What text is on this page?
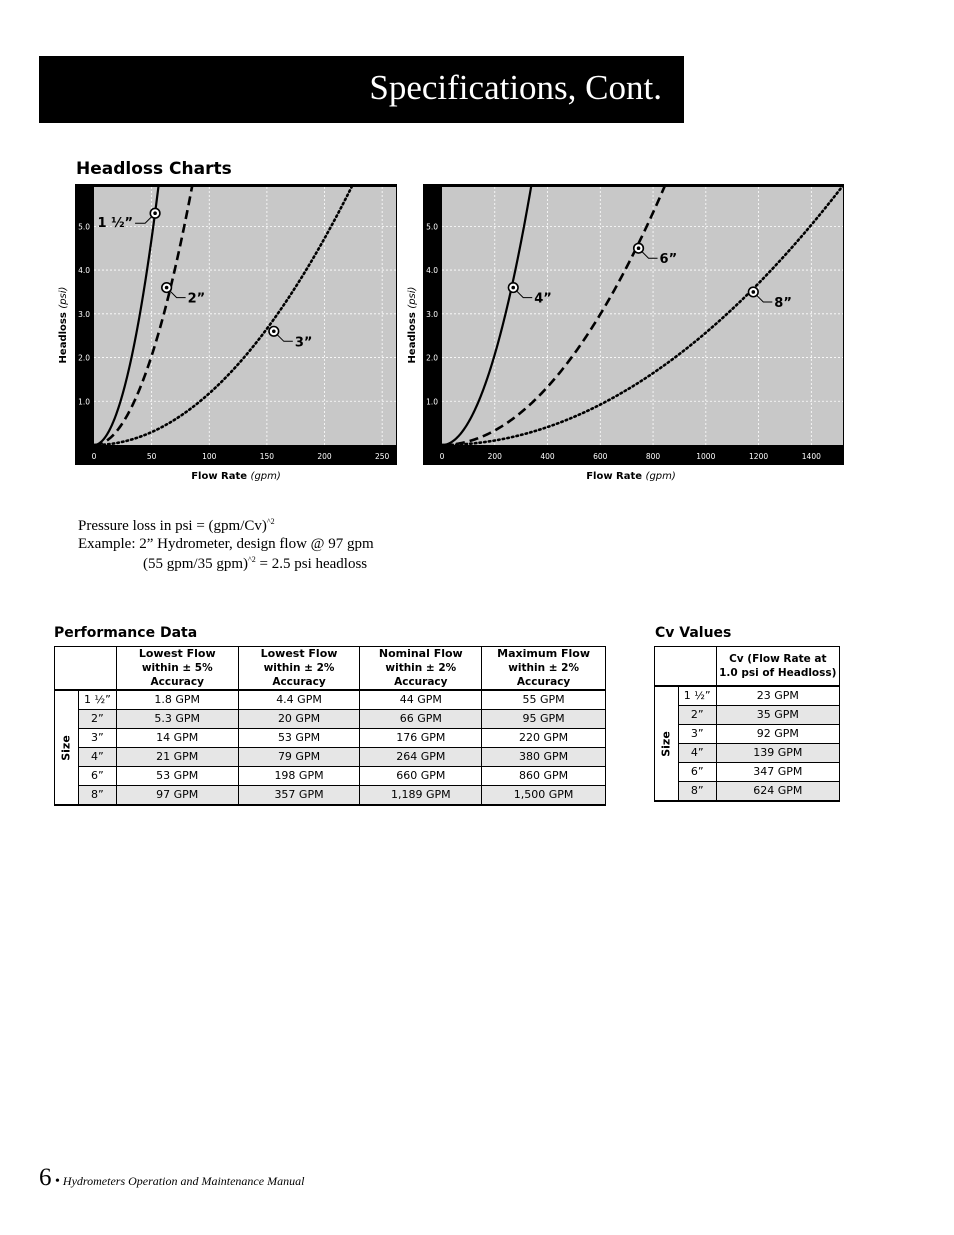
Specifications, Cont.
Headloss Charts
1.0
2.0
3.0
4.0
5.0
0	50	100	150	200	250
Headloss (psi)
Flow Rate (gpm)
1 ½”
2”
3”
1.0
2.0
3.0
4.0
5.0
0	200	400	600	800	1000	1200	1400
Headloss (psi)
Flow Rate (gpm)
4”
6”
8”
Pressure loss in psi = $(gpm/Cv)^{\^{}2}$
Example: 2” Hydrometer, design flow @ 97 gpm
(55 gpm/35 gpm)$^{\^{}2}$ = 2.5 psi headloss
Performance Data

		Lowest Flow
within ± 5% Accuracy	Lowest Flow
within ± 2% Accuracy	Nominal Flow
within ± 2% Accuracy	Maximum Flow
within ± 2% Accuracy

Size	1 ½”	1.8 GPM	4.4 GPM	44 GPM	55 GPM
	2”	5.3 GPM	20 GPM	66 GPM	95 GPM
	3”	14 GPM	53 GPM	176 GPM	220 GPM
	4”	21 GPM	79 GPM	264 GPM	380 GPM
	6”	53 GPM	198 GPM	660 GPM	860 GPM
	8”	97 GPM	357 GPM	1,189 GPM	1,500 GPM
Cv Values

		Cv (Flow Rate at
1.0 psi of Headloss)

Size	1 ½”	23 GPM
	2”	35 GPM
	3”	92 GPM
	4”	139 GPM
	6”	347 GPM
	8”	624 GPM
6 • Hydrometers Operation and Maintenance Manual
